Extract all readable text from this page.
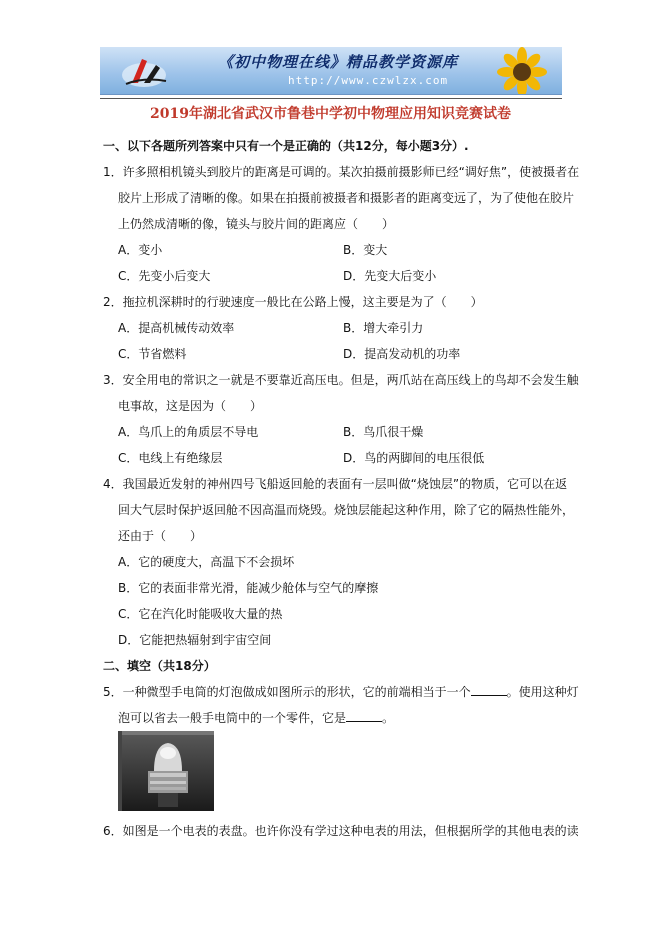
《初中物理在线》精品教学资源库
http://www.czwlzx.com
2019年湖北省武汉市鲁巷中学初中物理应用知识竞赛试卷
一、以下各题所列答案中只有一个是正确的（共12分，每小题3分）.
1．许多照相机镜头到胶片的距离是可调的。某次拍摄前摄影师已经“调好焦”，使被摄者在
胶片上形成了清晰的像。如果在拍摄前被摄者和摄影者的距离变远了，为了使他在胶片
上仍然成清晰的像，镜头与胶片间的距离应（　　）
A．变小	B．变大
C．先变小后变大	D．先变大后变小
2．拖拉机深耕时的行驶速度一般比在公路上慢，这主要是为了（　　）
A．提高机械传动效率	B．增大牵引力
C．节省燃料	D．提高发动机的功率
3．安全用电的常识之一就是不要靠近高压电。但是，两爪站在高压线上的鸟却不会发生触
电事故，这是因为（　　）
A．鸟爪上的角质层不导电	B．鸟爪很干燥
C．电线上有绝缘层	D．鸟的两脚间的电压很低
4．我国最近发射的神州四号飞船返回舱的表面有一层叫做“烧蚀层”的物质，它可以在返
回大气层时保护返回舱不因高温而烧毁。烧蚀层能起这种作用，除了它的隔热性能外，
还由于（　　）
A．它的硬度大，高温下不会损坏
B．它的表面非常光滑，能减少舱体与空气的摩擦
C．它在汽化时能吸收大量的热
D．它能把热辐射到宇宙空间
二、填空（共18分）
5．一种微型手电筒的灯泡做成如图所示的形状，它的前端相当于一个	。使用这种灯
泡可以省去一般手电筒中的一个零件，它是	。
6．如图是一个电表的表盘。也许你没有学过这种电表的用法，但根据所学的其他电表的读
